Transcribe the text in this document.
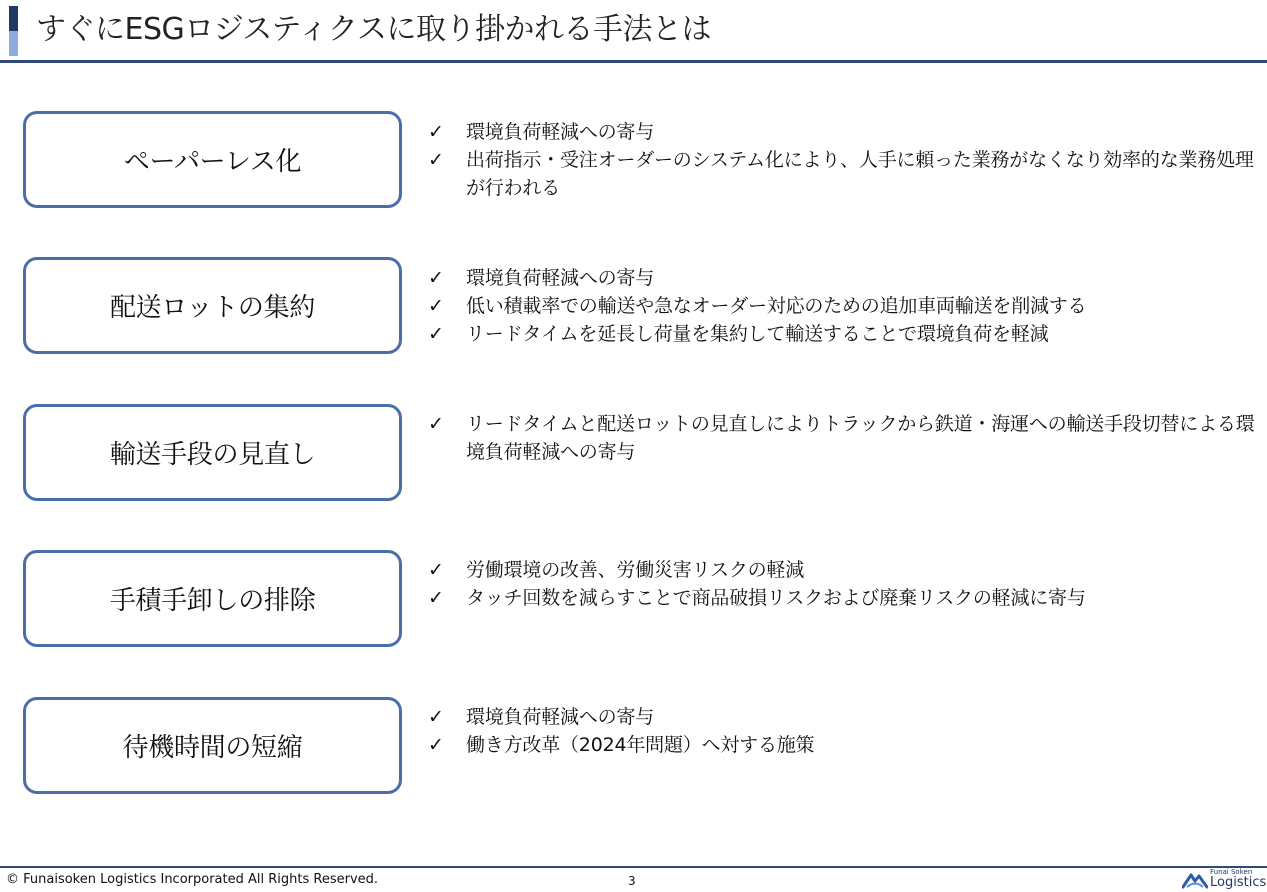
すぐにESGロジスティクスに取り掛かれる手法とは
ペーパーレス化
✓	環境負荷軽減への寄与
✓	出荷指示・受注オーダーのシステム化により、人手に頼った業務がなくなり効率的な業務処理が行われる
配送ロットの集約
✓	環境負荷軽減への寄与
✓	低い積載率での輸送や急なオーダー対応のための追加車両輸送を削減する
✓	リードタイムを延長し荷量を集約して輸送することで環境負荷を軽減
輸送手段の見直し
✓	リードタイムと配送ロットの見直しによりトラックから鉄道・海運への輸送手段切替による環境負荷軽減への寄与
手積手卸しの排除
✓	労働環境の改善、労働災害リスクの軽減
✓	タッチ回数を減らすことで商品破損リスクおよび廃棄リスクの軽減に寄与
待機時間の短縮
✓	環境負荷軽減への寄与
✓	働き方改革（2024年問題）へ対する施策
© Funaisoken Logistics Incorporated All Rights Reserved.	3
Funai Soken
Logistics
